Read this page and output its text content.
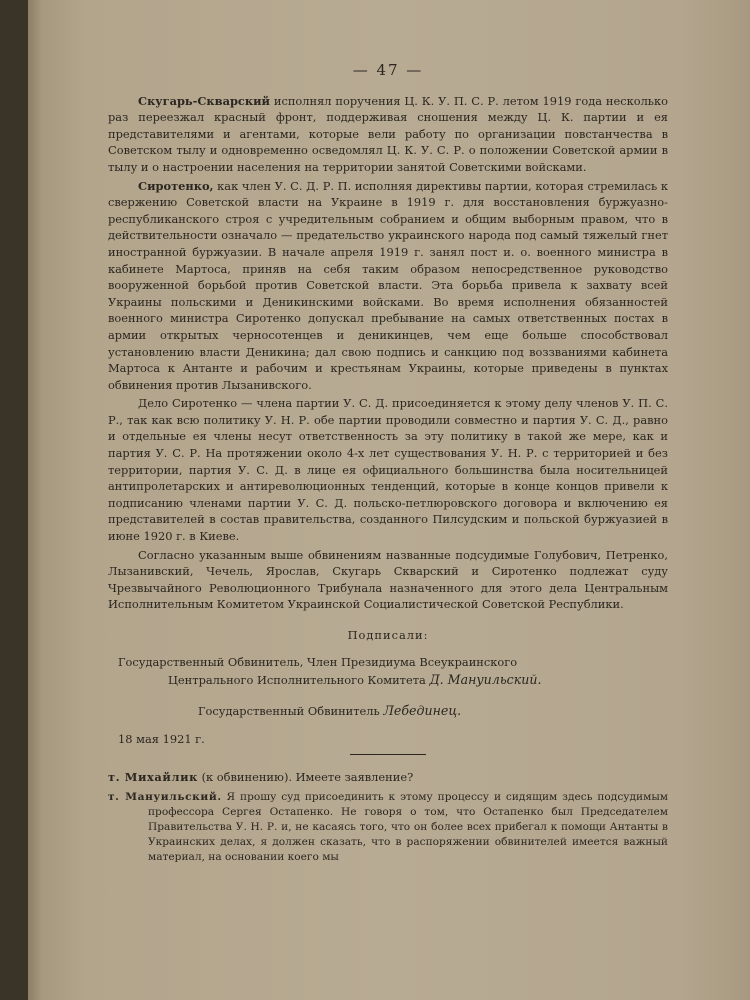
— 47 —

Скугарь-Скварский исполнял поручения Ц. К. У. П. С. Р. летом 1919 года несколько раз переезжал красный фронт, поддерживая сношения между Ц. К. партии и ея представителями и агентами, которые вели работу по организации повстанчества в Советском тылу и одновременно осведомлял Ц. К. У. С. Р. о положении Советской армии в тылу и о настроении населения на территории занятой Советскими войсками.

Сиротенко, как член У. С. Д. Р. П. исполняя директивы партии, которая стремилась к свержению Советской власти на Украине в 1919 г. для восстановления буржуазно-республиканского строя с учредительным собранием и общим выборным правом, что в действительности означало — предательство украинского народа под самый тяжелый гнет иностранной буржуазии. В начале апреля 1919 г. занял пост и. о. военного министра в кабинете Мартоса, приняв на себя таким образом непосредственное руководство вооруженной борьбой против Советской власти. Эта борьба привела к захвату всей Украины польскими и Деникинскими войсками. Во время исполнения обязанностей военного министра Сиротенко допускал пребывание на самых ответственных постах в армии открытых черносотенцев и деникинцев, чем еще больше способствовал установлению власти Деникина; дал свою подпись и санкцию под воззваниями кабинета Мартоса к Антанте и рабочим и крестьянам Украины, которые приведены в пунктах обвинения против Лызанивского.

Дело Сиротенко — члена партии У. С. Д. присоединяется к этому делу членов У. П. С. Р., так как всю политику У. Н. Р. обе партии проводили совместно и партия У. С. Д., равно и отдельные ея члены несут ответственность за эту политику в такой же мере, как и партия У. С. Р. На протяжении около 4-х лет существования У. Н. Р. с территорией и без территории, партия У. С. Д. в лице ея официального большинства была носительницей антипролетарских и антиреволюционных тенденций, которые в конце концов привели к подписанию членами партии У. С. Д. польско-петлюровского договора и включению ея представителей в состав правительства, созданного Пилсудским и польской буржуазией в июне 1920 г. в Киеве.

Согласно указанным выше обвинениям названные подсудимые Голубович, Петренко, Лызанивский, Чечель, Ярослав, Скугарь Скварский и Сиротенко подлежат суду Чрезвычайного Революционного Трибунала назначенного для этого дела Центральным Исполнительным Комитетом Украинской Социалистической Советской Республики.

Подписали:

Государственный Обвинитель, Член Президиума Всеукраинского

Центрального Исполнительного Комитета Д. Мануильский.

Государственный Обвинитель Лебединец.

18 мая 1921 г.

т. Михайлик (к обвинению). Имеете заявление?

т. Мануильский. Я прошу суд присоединить к этому процессу и сидящим здесь подсудимым профессора Сергея Остапенко. Не говоря о том, что Остапенко был Председателем Правительства У. Н. Р. и, не касаясь того, что он более всех прибегал к помощи Антанты в Украинских делах, я должен сказать, что в распоряжении обвинителей имеется важный материал, на основании коего мы
